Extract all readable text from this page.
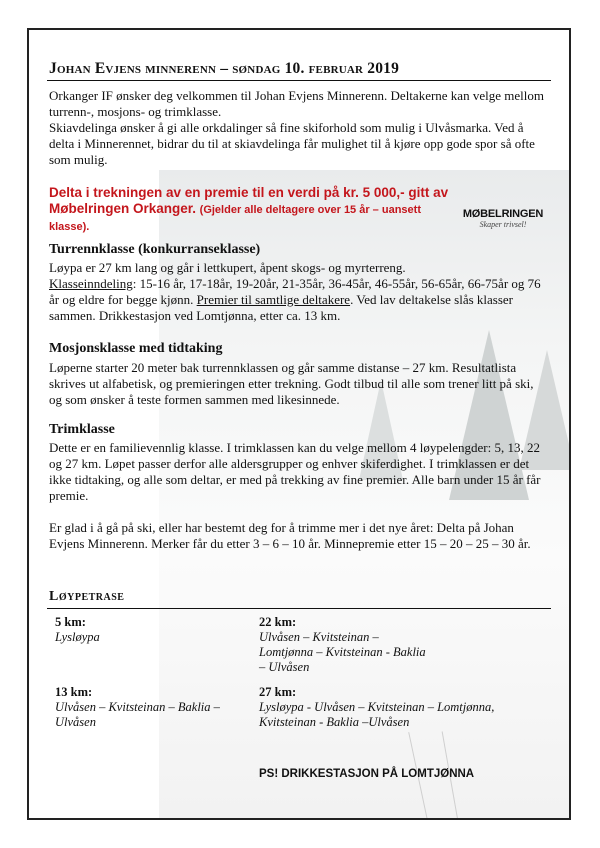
Johan Evjens minnerenn – søndag 10. februar 2019

Orkanger IF ønsker deg velkommen til Johan Evjens Minnerenn. Deltakerne kan velge mellom turrenn-, mosjons- og trimklasse.

Skiavdelinga ønsker å gi alle orkdalinger så fine skiforhold som mulig i Ulvåsmarka. Ved å delta i Minnerennet, bidrar du til at skiavdelinga får mulighet til å kjøre opp gode spor så ofte som mulig.

Delta i trekningen av en premie til en verdi på kr. 5 000,- gitt av Møbelringen Orkanger. (Gjelder alle deltagere over 15 år – uansett klasse).

MØBELRINGEN
Skaper trivsel!
Turrennklasse (konkurranseklasse)

Løypa er 27 km lang og går i lettkupert, åpent skogs- og myrterreng.
Klasseinndeling: 15-16 år, 17-18år, 19-20år, 21-35år, 36-45år, 46-55år, 56-65år, 66-75år og 76 år og eldre for begge kjønn. Premier til samtlige deltakere. Ved lav deltakelse slås klasser sammen. Drikkestasjon ved Lomtjønna, etter ca. 13 km.

Mosjonsklasse med tidtaking

Løperne starter 20 meter bak turrennklassen og går samme distanse – 27 km. Resultatlista skrives ut alfabetisk, og premieringen etter trekning. Godt tilbud til alle som trener litt på ski, og som ønsker å teste formen sammen med likesinnede.

Trimklasse

Dette er en familievennlig klasse. I trimklassen kan du velge mellom 4 løypelengder: 5, 13, 22 og 27 km. Løpet passer derfor alle aldersgrupper og enhver skiferdighet. I trimklassen er det ikke tidtaking, og alle som deltar, er med på trekking av fine premier. Alle barn under 15 år får premie.

Er glad i å gå på ski, eller har bestemt deg for å trimme mer i det nye året: Delta på Johan Evjens Minnerenn. Merker får du etter 3 – 6 – 10 år. Minnepremie etter 15 – 20 – 25 – 30 år.

Løypetrase
5 km:
Lysløypa
22 km:
Ulvåsen – Kvitsteinan – Lomtjønna – Kvitsteinan - Baklia – Ulvåsen
13 km:
Ulvåsen – Kvitsteinan – Baklia – Ulvåsen
27 km:
Lysløypa - Ulvåsen – Kvitsteinan – Lomtjønna, Kvitsteinan - Baklia –Ulvåsen
PS! DRIKKESTASJON PÅ LOMTJØNNA
